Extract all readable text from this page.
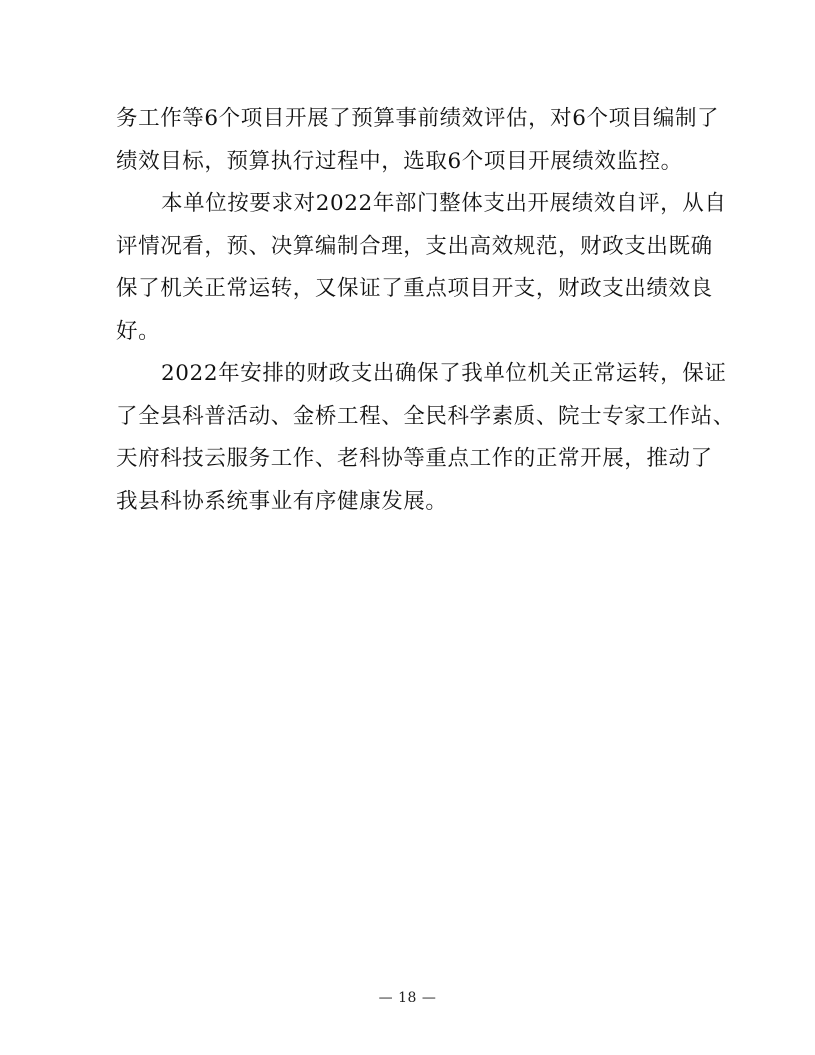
务工作等6个项目开展了预算事前绩效评估，对6个项目编制了
绩效目标，预算执行过程中，选取6个项目开展绩效监控。
本单位按要求对2022年部门整体支出开展绩效自评，从自
评情况看，预、决算编制合理，支出高效规范，财政支出既确
保了机关正常运转，又保证了重点项目开支，财政支出绩效良
好。
2022年安排的财政支出确保了我单位机关正常运转，保证
了全县科普活动、金桥工程、全民科学素质、院士专家工作站、
天府科技云服务工作、老科协等重点工作的正常开展，推动了
我县科协系统事业有序健康发展。
— 18 —
